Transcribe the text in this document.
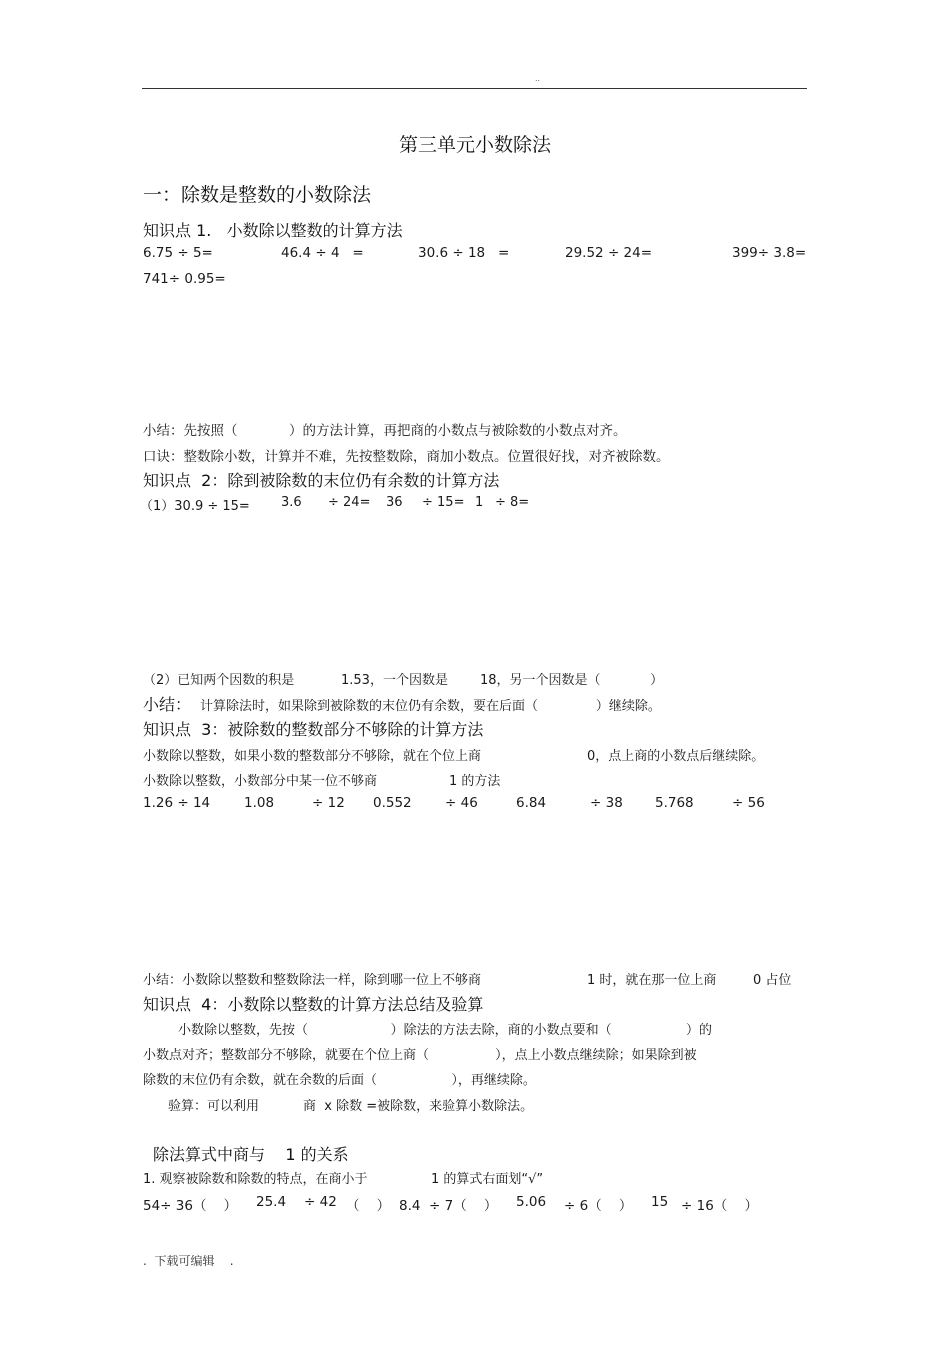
..
第三单元小数除法
一：除数是整数的小数除法
知识点 1.   小数除以整数的计算方法
6.75 ÷ 5=	46.4 ÷ 4   =	30.6 ÷ 18   =	29.52 ÷ 24=	399÷ 3.8=
741÷ 0.95=
小结：先按照（            ）的方法计算，再把商的小数点与被除数的小数点对齐。
口诀：整数除小数，计算并不难，先按整数除，商加小数点。位置很好找，对齐被除数。
知识点  2：除到被除数的末位仍有余数的计算方法
（1）30.9 ÷ 15= 3.6 ÷ 24= 36 ÷ 15= 1 ÷ 8=
（2）已知两个因数的积是	1.53，一个因数是 18，另一个因数是（            ）
小结： 计算除法时，如果除到被除数的末位仍有余数，要在后面（              ）继续除。
知识点  3：被除数的整数部分不够除的计算方法
小数除以整数，如果小数的整数部分不够除，就在个位上商	0，点上商的小数点后继续除。
小数除以整数，小数部分中某一位不够商	1 的方法
1.26 ÷ 14	1.08	÷ 12 0.552 ÷ 46	6.84	÷ 38 5.768	÷ 56
小结：小数除以整数和整数除法一样，除到哪一位上不够商	1 时，就在那一位上商	0 占位
知识点  4：小数除以整数的计算方法总结及验算
小数除以整数，先按（                    ）除法的方法去除，商的小数点要和（                  ）的
小数点对齐；整数部分不够除，就要在个位上商（                ），点上小数点继续除；如果除到被
除数的末位仍有余数，就在余数的后面（                  ），再继续除。
验算：可以利用	商  x 除数 =被除数，来验算小数除法。
除法算式中商与    1 的关系
1. 观察被除数和除数的特点，在商小于	1 的算式右面划“√”
54÷ 36（    ） 25.4 ÷ 42 （    ） 8.4  ÷ 7（    ） 5.06 ÷ 6（    ） 15 ÷ 16（    ）
.  下载可编辑    .
